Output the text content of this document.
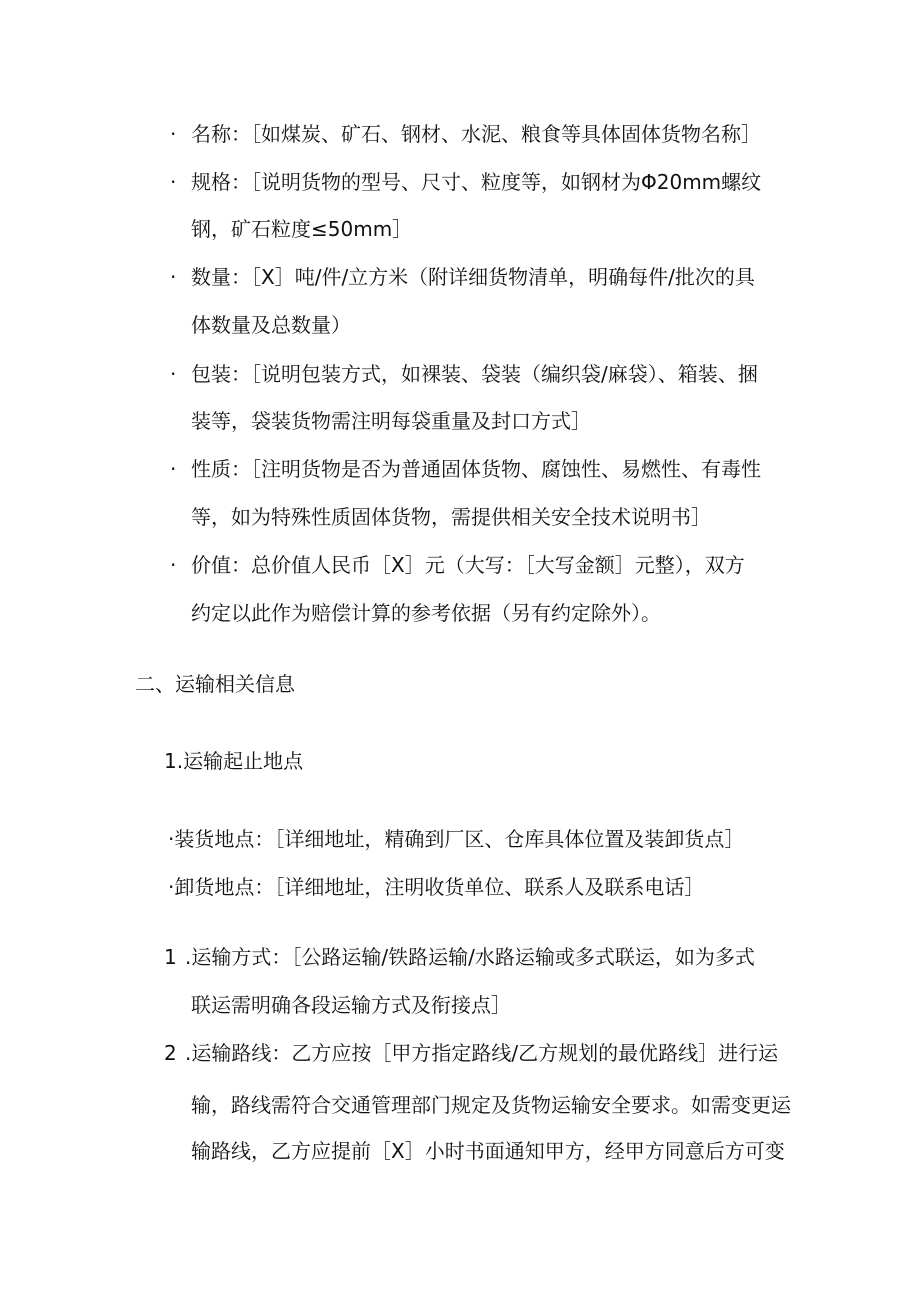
· 名称：［如煤炭、矿石、钢材、水泥、粮食等具体固体货物名称］

· 规格：［说明货物的型号、尺寸、粒度等，如钢材为Φ20mm螺纹

钢，矿石粒度≤50mm］

· 数量：［X］吨/件/立方米（附详细货物清单，明确每件/批次的具

体数量及总数量）

· 包装：［说明包装方式，如裸装、袋装（编织袋/麻袋）、箱装、捆

装等，袋装货物需注明每袋重量及封口方式］

· 性质：［注明货物是否为普通固体货物、腐蚀性、易燃性、有毒性

等，如为特殊性质固体货物，需提供相关安全技术说明书］

· 价值：总价值人民币［X］元（大写：［大写金额］元整），双方

约定以此作为赔偿计算的参考依据（另有约定除外）。

二、运输相关信息

1.运输起止地点

·装货地点：［详细地址，精确到厂区、仓库具体位置及装卸货点］

·卸货地点：［详细地址，注明收货单位、联系人及联系电话］

1 .运输方式：［公路运输/铁路运输/水路运输或多式联运，如为多式

联运需明确各段运输方式及衔接点］

2 .运输路线：乙方应按［甲方指定路线/乙方规划的最优路线］进行运

输，路线需符合交通管理部门规定及货物运输安全要求。如需变更运

输路线，乙方应提前［X］小时书面通知甲方，经甲方同意后方可变
